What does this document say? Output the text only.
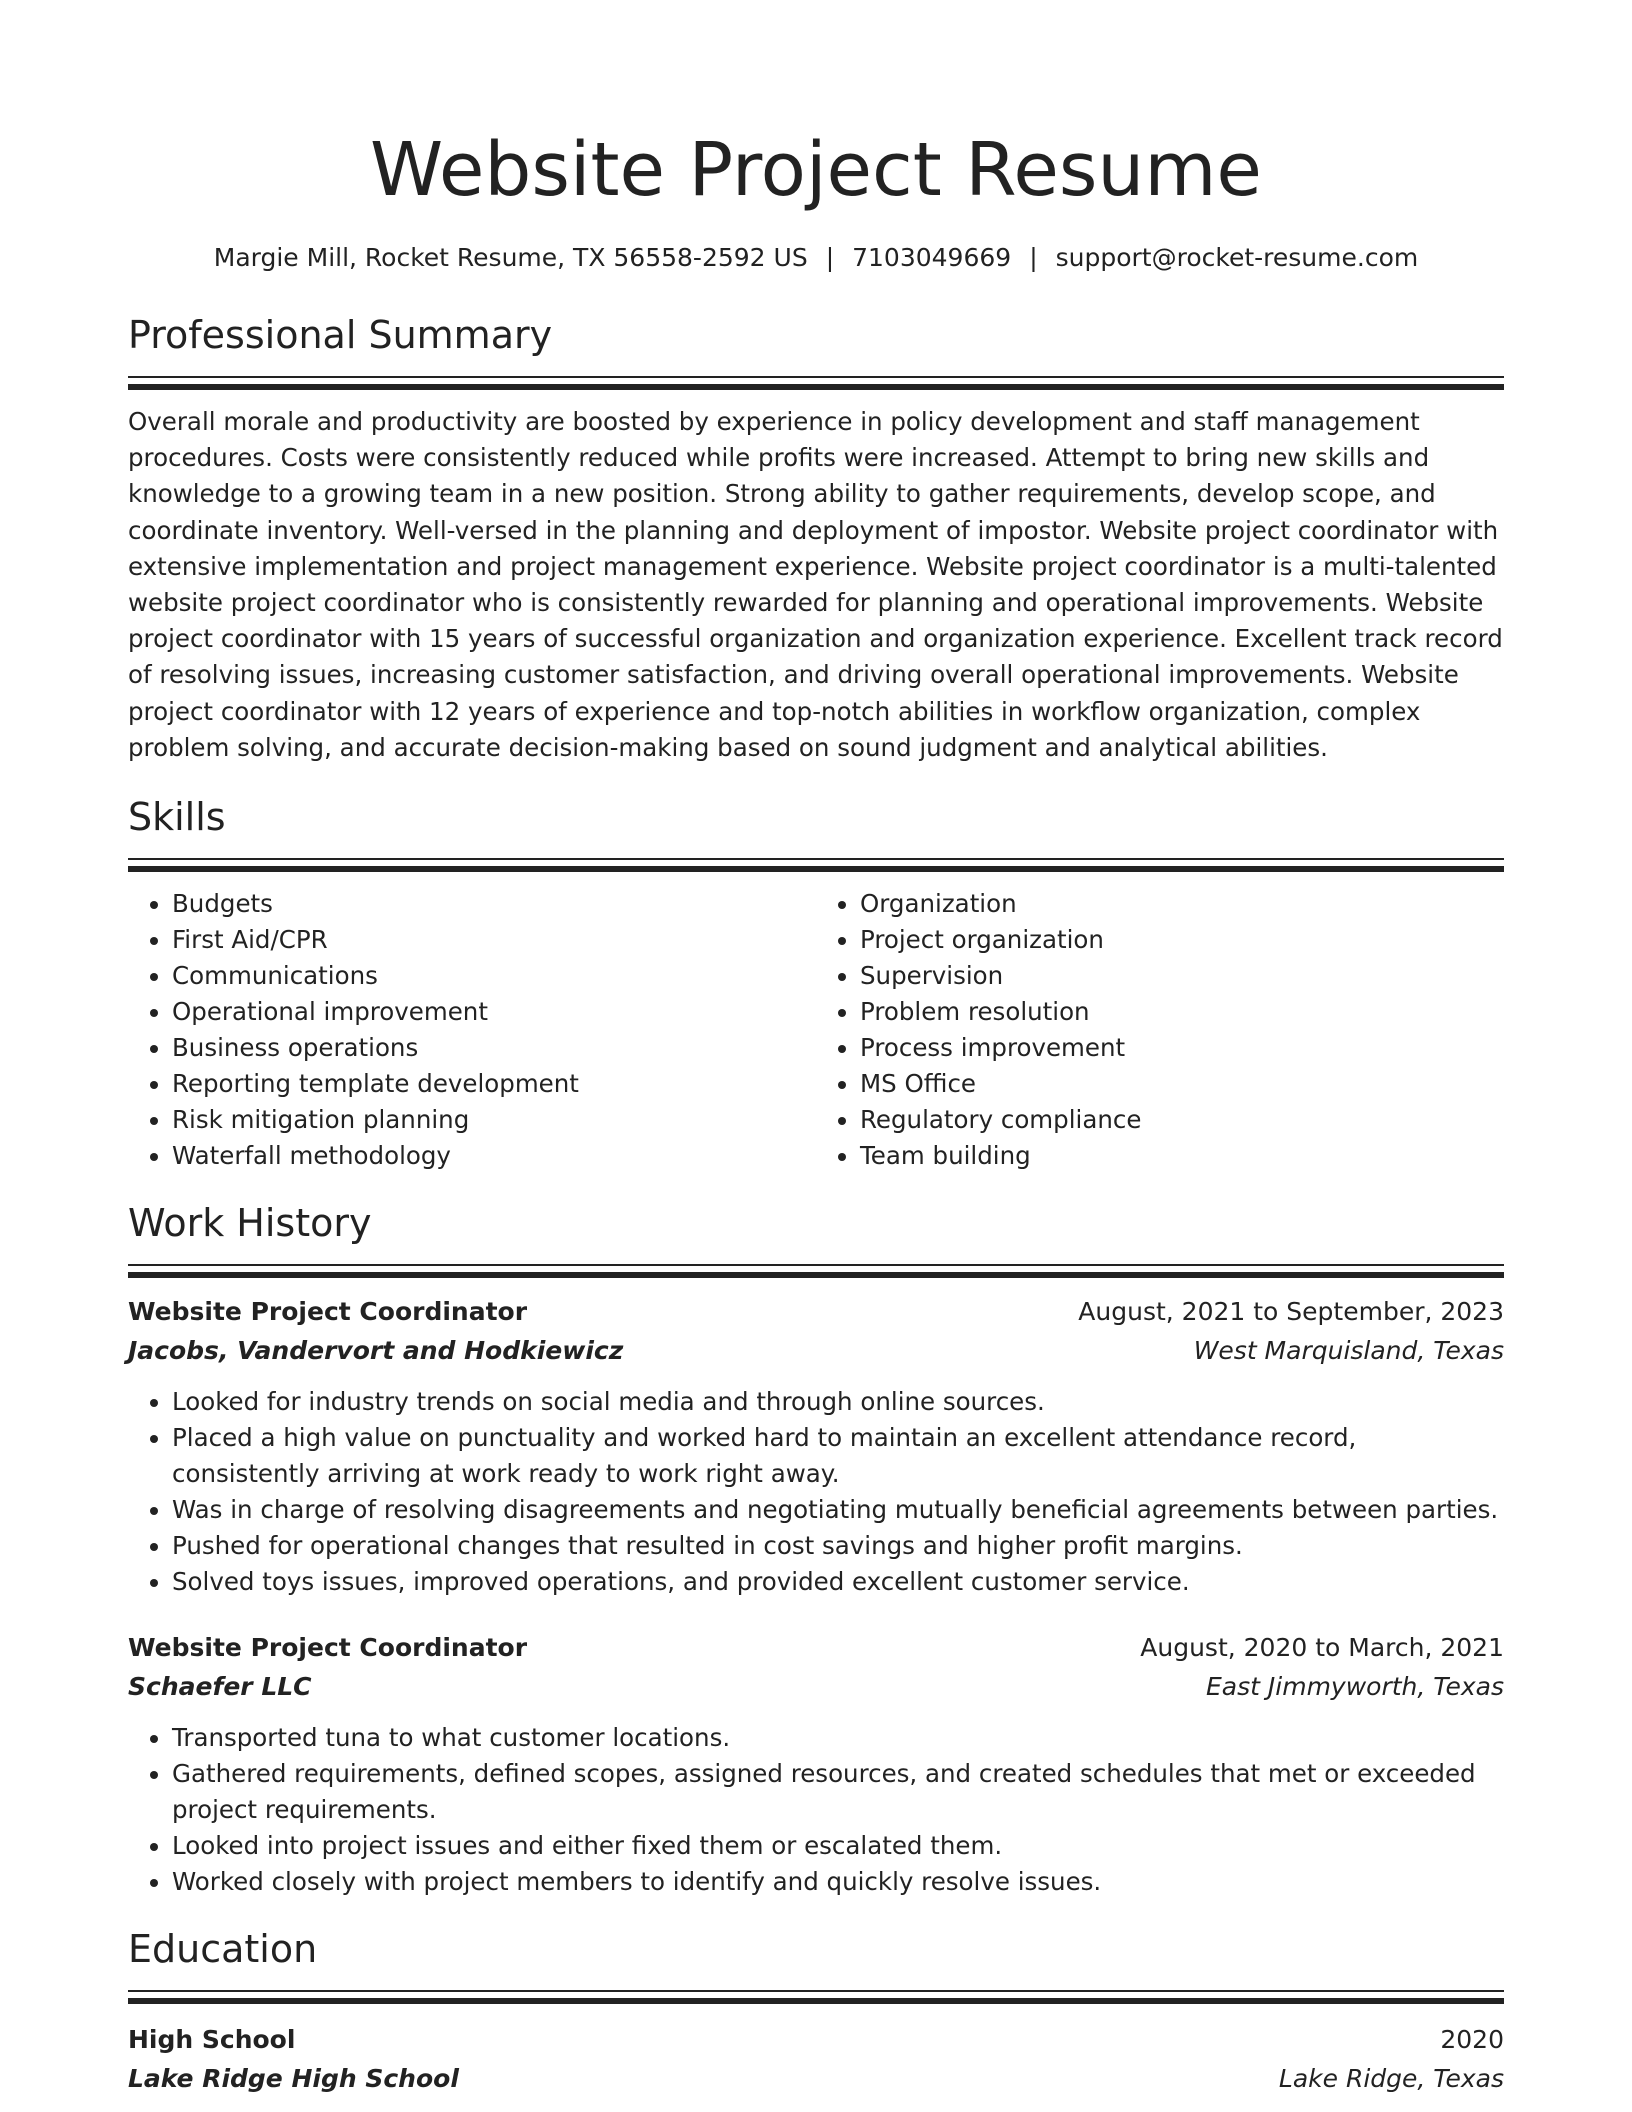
Website Project Resume
Margie Mill, Rocket Resume, TX 56558-2592 US | 7103049669 | support@rocket-resume.com
Professional Summary

Overall morale and productivity are boosted by experience in policy development and staff management procedures. Costs were consistently reduced while profits were increased. Attempt to bring new skills and knowledge to a growing team in a new position. Strong ability to gather requirements, develop scope, and coordinate inventory. Well-versed in the planning and deployment of impostor. Website project coordinator with extensive implementation and project management experience. Website project coordinator is a multi-talented website project coordinator who is consistently rewarded for planning and operational improvements. Website project coordinator with 15 years of successful organization and organization experience. Excellent track record of resolving issues, increasing customer satisfaction, and driving overall operational improvements. Website project coordinator with 12 years of experience and top-notch abilities in workflow organization, complex problem solving, and accurate decision-making based on sound judgment and analytical abilities.

Skills
• Budgets
• First Aid/CPR
• Communications
• Operational improvement
• Business operations
• Reporting template development
• Risk mitigation planning
• Waterfall methodology
• Organization
• Project organization
• Supervision
• Problem resolution
• Process improvement
• MS Office
• Regulatory compliance
• Team building
Work History
Website Project Coordinator	August, 2021 to September, 2023
Jacobs, Vandervort and Hodkiewicz	West Marquisland, Texas
• Looked for industry trends on social media and through online sources.
• Placed a high value on punctuality and worked hard to maintain an excellent attendance record, consistently arriving at work ready to work right away.
• Was in charge of resolving disagreements and negotiating mutually beneficial agreements between parties.
• Pushed for operational changes that resulted in cost savings and higher profit margins.
• Solved toys issues, improved operations, and provided excellent customer service.
Website Project Coordinator	August, 2020 to March, 2021
Schaefer LLC	East Jimmyworth, Texas
• Transported tuna to what customer locations.
• Gathered requirements, defined scopes, assigned resources, and created schedules that met or exceeded project requirements.
• Looked into project issues and either fixed them or escalated them.
• Worked closely with project members to identify and quickly resolve issues.
Education
High School	2020
Lake Ridge High School	Lake Ridge, Texas
